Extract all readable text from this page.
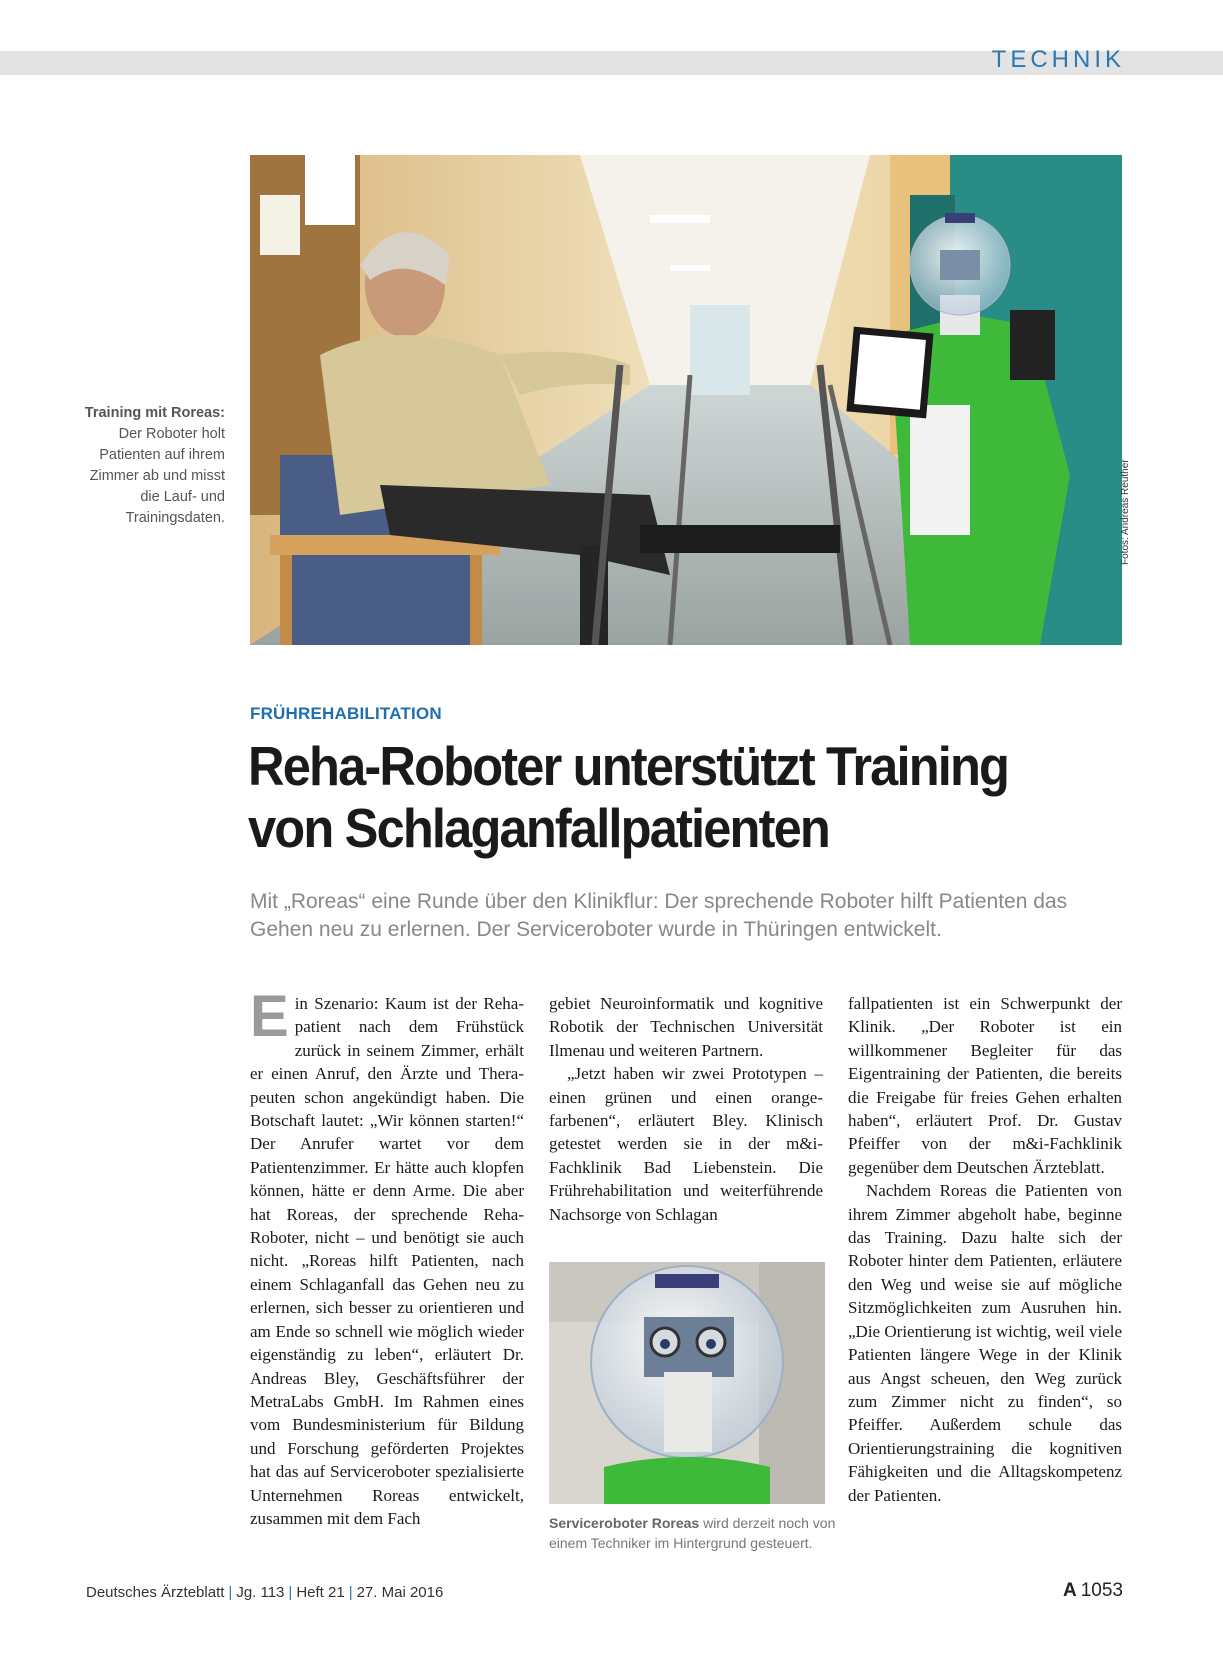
TECHNIK
Training mit Roreas: Der Roboter holt Patienten auf ihrem Zimmer ab und misst die Lauf- und Trainingsdaten.	Fotos: Andreas Reuther
FRÜHREHABILITATION
Reha-Roboter unterstützt Training
von Schlaganfallpatienten
Mit „Roreas“ eine Runde über den Klinikflur: Der sprechende Roboter hilft Patienten das Gehen neu zu erlernen. Der Serviceroboter wurde in Thüringen entwickelt.

Ein Szenario: Kaum ist der Rehapatient nach dem Frühstück zurück in seinem Zimmer, erhält er einen Anruf, den Ärzte und Therapeuten schon angekündigt haben. Die Botschaft lautet: „Wir können starten!“ Der Anrufer wartet vor dem Patientenzimmer. Er hätte auch klopfen können, hätte er denn Arme. Die aber hat Roreas, der sprechende Reha-Roboter, nicht – und benötigt sie auch nicht. „Roreas hilft Patienten, nach einem Schlaganfall das Gehen neu zu erlernen, sich besser zu orientieren und am Ende so schnell wie möglich wieder eigenständig zu leben“, erläutert Dr. Andreas Bley, Geschäftsführer der MetraLabs GmbH. Im Rahmen eines vom Bundesministerium für Bildung und Forschung geförderten Projektes hat das auf Serviceroboter spezialisierte Unternehmen Roreas entwickelt, zusammen mit dem Fach

gebiet Neuroinformatik und kognitive Robotik der Technischen Universität Ilmenau und weiteren Partnern.

„Jetzt haben wir zwei Prototypen – einen grünen und einen orangefarbenen“, erläutert Bley. Klinisch getestet werden sie in der m&i-Fachklinik Bad Liebenstein. Die Frührehabilitation und weiterführende Nachsorge von Schlagan

Serviceroboter Roreas wird derzeit noch von einem Techniker im Hintergrund gesteuert.

fallpatienten ist ein Schwerpunkt der Klinik. „Der Roboter ist ein willkommener Begleiter für das Eigentraining der Patienten, die bereits die Freigabe für freies Gehen erhalten haben“, erläutert Prof. Dr. Gustav Pfeiffer von der m&i-Fachklinik gegenüber dem Deutschen Ärzteblatt.

Nachdem Roreas die Patienten von ihrem Zimmer abgeholt habe, beginne das Training. Dazu halte sich der Roboter hinter dem Patienten, erläutere den Weg und weise sie auf mögliche Sitzmöglichkeiten zum Ausruhen hin. „Die Orientierung ist wichtig, weil viele Patienten längere Wege in der Klinik aus Angst scheuen, den Weg zurück zum Zimmer nicht zu finden“, so Pfeiffer. Außerdem schule das Orientierungstraining die kognitiven Fähigkeiten und die Alltagskompetenz der Patienten.

Deutsches Ärzteblatt | Jg. 113 | Heft 21 | 27. Mai 2016	A 1053
